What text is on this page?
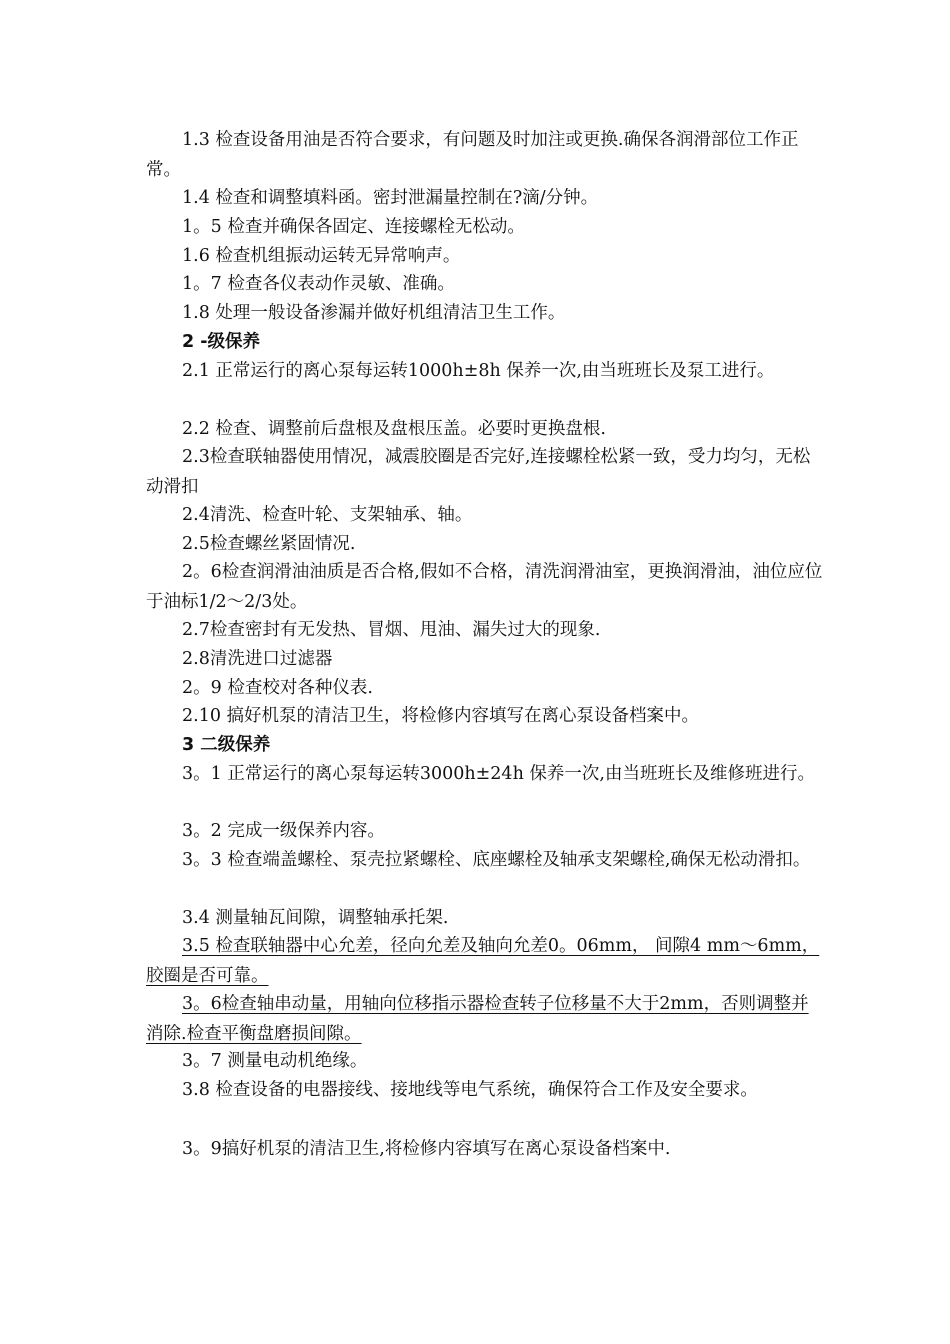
1.3 检查设备用油是否符合要求，有问题及时加注或更换.确保各润滑部位工作正常。

1.4 检查和调整填料函。密封泄漏量控制在?滴/分钟。

1。5 检查并确保各固定、连接螺栓无松动。

1.6 检查机组振动运转无异常响声。

1。7 检查各仪表动作灵敏、准确。

1.8 处理一般设备渗漏并做好机组清洁卫生工作。

2 -级保养

2.1 正常运行的离心泵每运转1000h±8h 保养一次,由当班班长及泵工进行。

2.2 检查、调整前后盘根及盘根压盖。必要时更换盘根.

2.3检查联轴器使用情况，减震胶圈是否完好,连接螺栓松紧一致，受力均匀，无松动滑扣

2.4清洗、检查叶轮、支架轴承、轴。

2.5检查螺丝紧固情况.

2。6检查润滑油油质是否合格,假如不合格，清洗润滑油室，更换润滑油，油位应位于油标1/2～2/3处。

2.7检查密封有无发热、冒烟、甩油、漏失过大的现象.

2.8清洗进口过滤器

2。9 检查校对各种仪表.

2.10 搞好机泵的清洁卫生，将检修内容填写在离心泵设备档案中。

3 二级保养

3。1 正常运行的离心泵每运转3000h±24h 保养一次,由当班班长及维修班进行。

3。2 完成一级保养内容。

3。3 检查端盖螺栓、泵壳拉紧螺栓、底座螺栓及轴承支架螺栓,确保无松动滑扣。

3.4 测量轴瓦间隙，调整轴承托架.

3.5 检查联轴器中心允差，径向允差及轴向允差0。06mm， 间隙4 mm～6mm，胶圈是否可靠。

3。6检查轴串动量，用轴向位移指示器检查转子位移量不大于2mm，否则调整并消除.检查平衡盘磨损间隙。

3。7 测量电动机绝缘。

3.8 检查设备的电器接线、接地线等电气系统，确保符合工作及安全要求。

3。9搞好机泵的清洁卫生,将检修内容填写在离心泵设备档案中.
